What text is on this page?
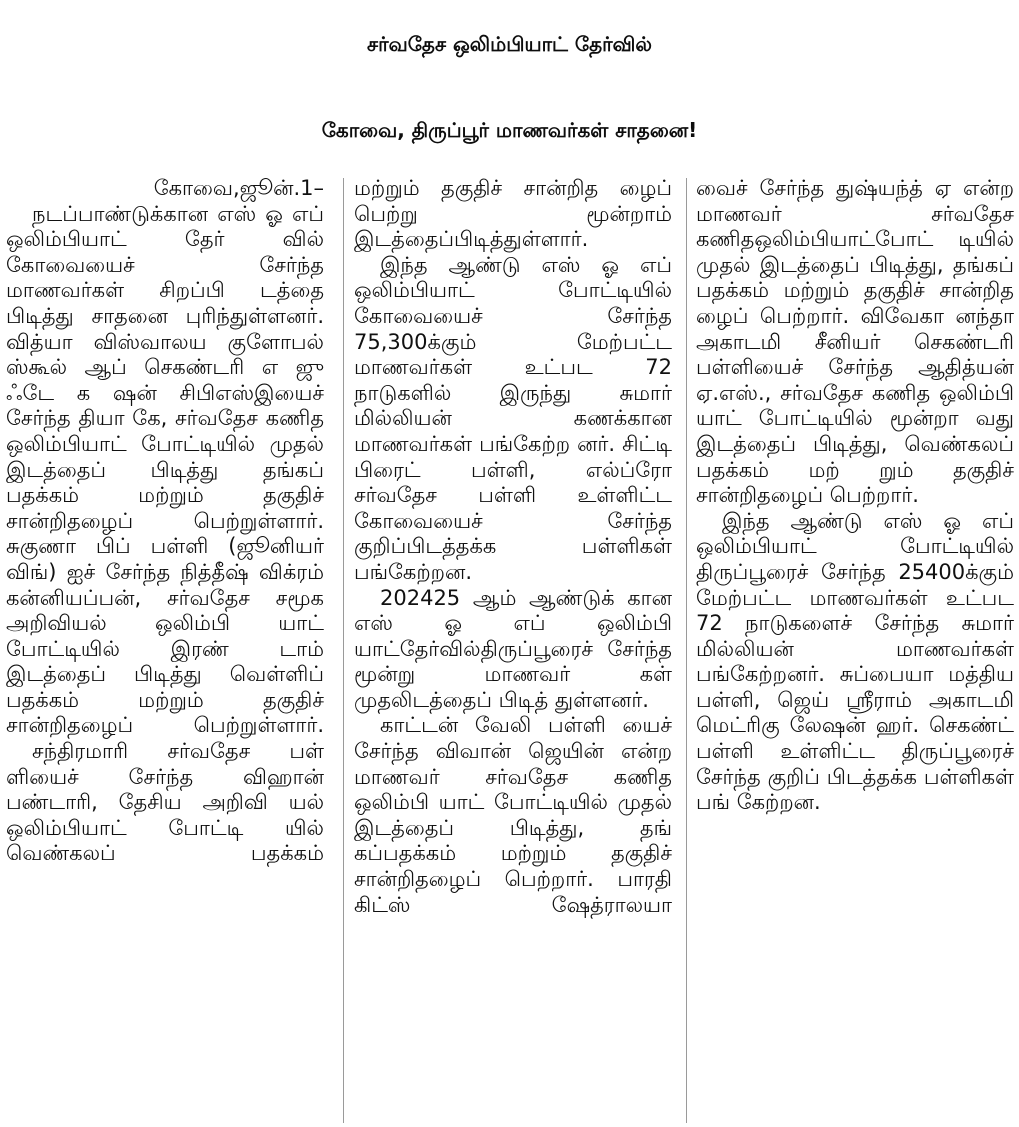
சர்வதேச ஒலிம்பியாட் தேர்வில்
கோவை, திருப்பூர் மாணவர்கள் சாதனை!

கோவை,ஜூன்.1–

நடப்பாண்டுக்கான எஸ் ஓ எப் ஒலிம்பியாட் தேர் வில் கோவையைச் சேர்ந்த மாணவர்கள் சிறப்பி டத்தை பிடித்து சாதனை புரிந்துள்ளனர். வித்யா விஸ்வாலய குளோபல் ஸ்கூல் ஆப் செகண்டரி எ ஜு ஃடே க ஷன் சிபிஎஸ்இயைச் சேர்ந்த தியா கே, சர்வதேச கணித ஒலிம்பியாட் போட்டியில் முதல் இடத்தைப் பிடித்து தங்கப் பதக்கம் மற்றும் தகுதிச் சான்றிதழைப் பெற்றுள்ளார். சுகுணா பிப் பள்ளி (ஜூனியர் விங்) ஐச் சேர்ந்த நித்தீஷ் விக்ரம் கன்னியப்பன், சர்வதேச சமூக அறிவியல் ஒலிம்பி யாட் போட்டியில் இரண் டாம் இடத்தைப் பிடித்து வெள்ளிப் பதக்கம் மற்றும் தகுதிச் சான்றிதழைப் பெற்றுள்ளார்.

சந்திரமாரி சர்வதேச பள் ளியைச் சேர்ந்த விஹான் பண்டாரி, தேசிய அறிவி யல் ஒலிம்பியாட் போட்டி யில் வெண்கலப் பதக்கம்

மற்றும் தகுதிச் சான்றித ழைப் பெற்று மூன்றாம் இடத்தைப்பிடித்துள்ளார்.

இந்த ஆண்டு எஸ் ஓ எப் ஒலிம்பியாட் போட்டியில் கோவையைச் சேர்ந்த 75,300க்கும் மேற்பட்ட மாணவர்கள் உட்பட 72 நாடுகளில் இருந்து சுமார் மில்லியன் கணக்கான மாணவர்கள் பங்கேற்ற னர். சிட்டி பிரைட் பள்ளி, எல்ப்ரோ சர்வதேச பள்ளி உள்ளிட்ட கோவையைச் சேர்ந்த குறிப்பிடத்தக்க பள்ளிகள் பங்கேற்றன.

202425 ஆம் ஆண்டுக் கான எஸ் ஓ எப் ஒலிம்பி யாட்தேர்வில்திருப்பூரைச் சேர்ந்த மூன்று மாணவர் கள் முதலிடத்தைப் பிடித் துள்ளனர்.

காட்டன் வேலி பள்ளி யைச் சேர்ந்த விவான் ஜெயின் என்ற மாணவர் சர்வதேச கணித ஒலிம்பி யாட் போட்டியில் முதல் இடத்தைப் பிடித்து, தங் கப்பதக்கம் மற்றும் தகுதிச் சான்றிதழைப் பெற்றார். பாரதி கிட்ஸ் ஷேத்ராலயா

வைச் சேர்ந்த துஷ்யந்த் ஏ என்ற மாணவர் சர்வதேச கணிதஒலிம்பியாட்போட் டியில் முதல் இடத்தைப் பிடித்து, தங்கப் பதக்கம் மற்றும் தகுதிச் சான்றித ழைப் பெற்றார். விவேகா னந்தா அகாடமி சீனியர் செகண்டரி பள்ளியைச் சேர்ந்த ஆதித்யன் ஏ.எஸ்., சர்வதேச கணித ஒலிம்பி யாட் போட்டியில் மூன்றா வது இடத்தைப் பிடித்து, வெண்கலப் பதக்கம் மற் றும் தகுதிச் சான்றிதழைப் பெற்றார்.

இந்த ஆண்டு எஸ் ஓ எப் ஒலிம்பியாட் போட்டியில் திருப்பூரைச் சேர்ந்த 25400க்கும் மேற்பட்ட மாணவர்கள் உட்பட 72 நாடுகளைச் சேர்ந்த சுமார் மில்லியன் மாணவர்கள் பங்கேற்றனர். சுப்பையா மத்திய பள்ளி, ஜெய் ஸ்ரீராம் அகாடமி மெட்ரிகு லேஷன் ஹர். செகண்ட் பள்ளி உள்ளிட்ட திருப்பூரைச் சேர்ந்த குறிப் பிடத்தக்க பள்ளிகள் பங் கேற்றன.
